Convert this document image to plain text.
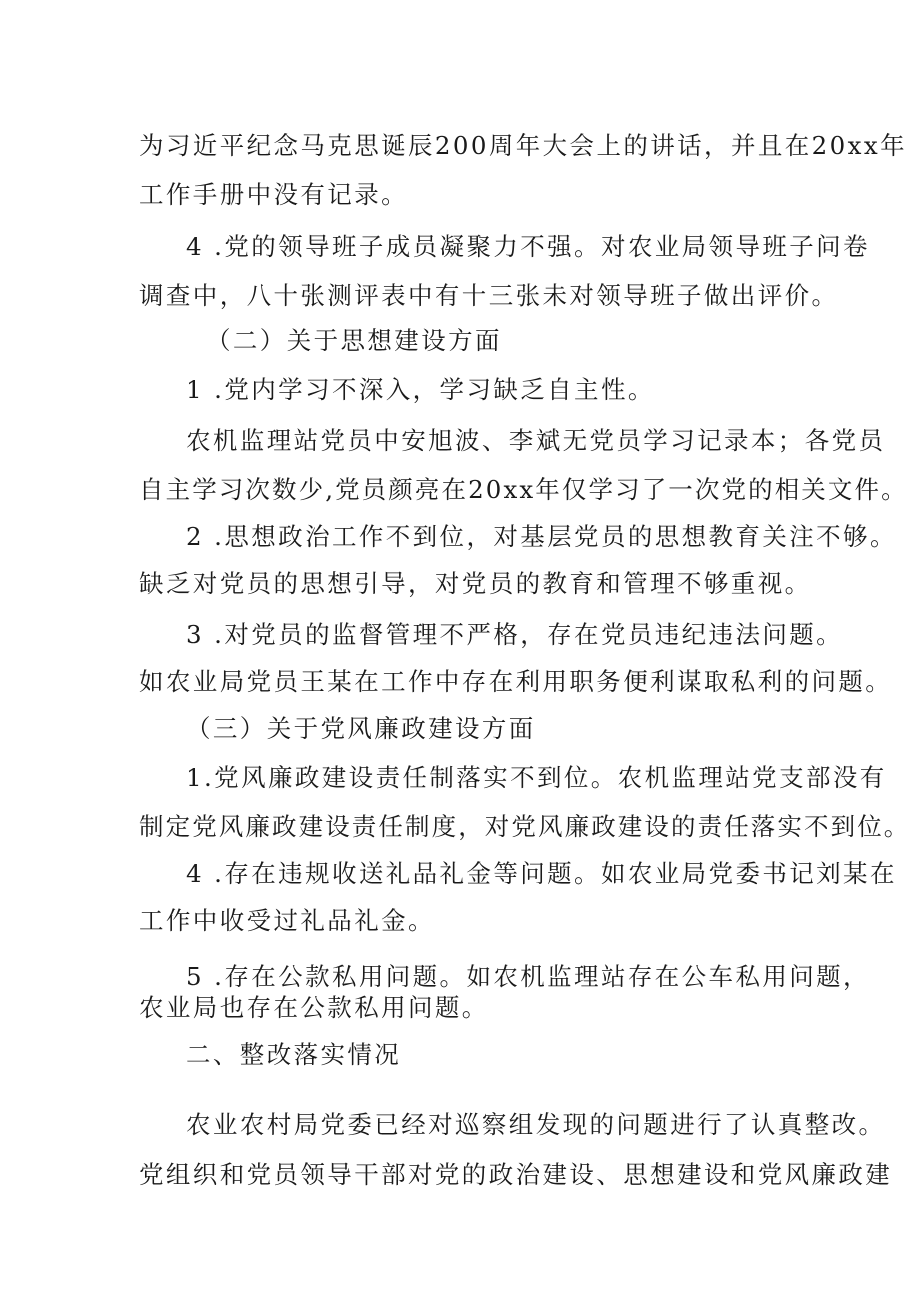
为习近平纪念马克思诞辰200周年大会上的讲话，并且在20xx年
工作手册中没有记录。
4 .党的领导班子成员凝聚力不强。对农业局领导班子问卷
调查中，八十张测评表中有十三张未对领导班子做出评价。
（二）关于思想建设方面
1 .党内学习不深入，学习缺乏自主性。
农机监理站党员中安旭波、李斌无党员学习记录本；各党员
自主学习次数少,党员颜亮在20xx年仅学习了一次党的相关文件。
2 .思想政治工作不到位，对基层党员的思想教育关注不够。
缺乏对党员的思想引导，对党员的教育和管理不够重视。
3 .对党员的监督管理不严格，存在党员违纪违法问题。
如农业局党员王某在工作中存在利用职务便利谋取私利的问题。
（三）关于党风廉政建设方面
1.党风廉政建设责任制落实不到位。农机监理站党支部没有
制定党风廉政建设责任制度，对党风廉政建设的责任落实不到位。
4 .存在违规收送礼品礼金等问题。如农业局党委书记刘某在
工作中收受过礼品礼金。
5 .存在公款私用问题。如农机监理站存在公车私用问题，
农业局也存在公款私用问题。
二、整改落实情况
农业农村局党委已经对巡察组发现的问题进行了认真整改。
党组织和党员领导干部对党的政治建设、思想建设和党风廉政建
